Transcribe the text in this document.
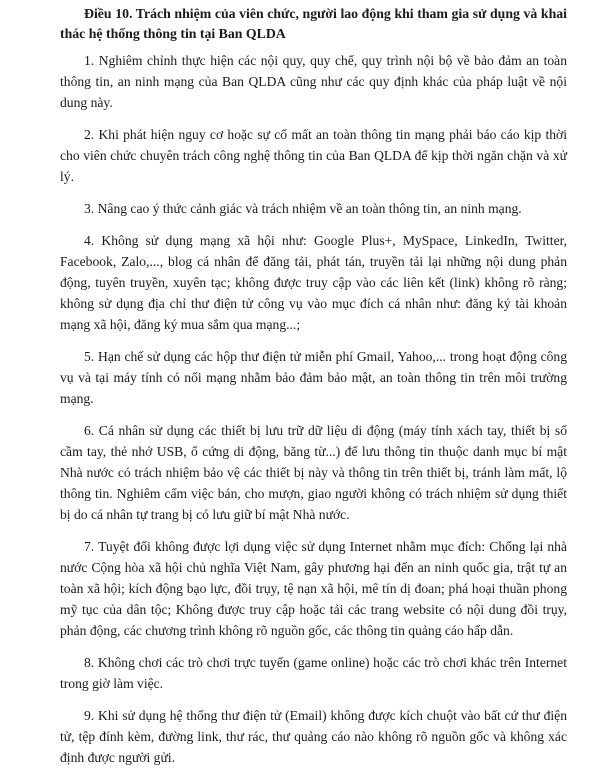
Điều 10. Trách nhiệm của viên chức, người lao động khi tham gia sử dụng và khai thác hệ thống thông tin tại Ban QLDA

1. Nghiêm chỉnh thực hiện các nội quy, quy chế, quy trình nội bộ về bảo đảm an toàn thông tin, an ninh mạng của Ban QLDA cũng như các quy định khác của pháp luật về nội dung này.

2. Khi phát hiện nguy cơ hoặc sự cố mất an toàn thông tin mạng phải báo cáo kịp thời cho viên chức chuyên trách công nghệ thông tin của Ban QLDA để kịp thời ngăn chặn và xử lý.

3. Nâng cao ý thức cảnh giác và trách nhiệm về an toàn thông tin, an ninh mạng.

4. Không sử dụng mạng xã hội như: Google Plus+, MySpace, LinkedIn, Twitter, Facebook, Zalo,..., blog cá nhân để đăng tải, phát tán, truyền tải lại những nội dung phản động, tuyên truyền, xuyên tạc; không được truy cập vào các liên kết (link) không rõ ràng; không sử dụng địa chỉ thư điện tử công vụ vào mục đích cá nhân như: đăng ký tài khoản mạng xã hội, đăng ký mua sắm qua mạng...;

5. Hạn chế sử dụng các hộp thư điện tử miễn phí Gmail, Yahoo,... trong hoạt động công vụ và tại máy tính có nối mạng nhằm bảo đảm bảo mật, an toàn thông tin trên môi trường mạng.

6. Cá nhân sử dụng các thiết bị lưu trữ dữ liệu di động (máy tính xách tay, thiết bị số cầm tay, thẻ nhớ USB, ổ cứng di động, băng từ...) để lưu thông tin thuộc danh mục bí mật Nhà nước có trách nhiệm bảo vệ các thiết bị này và thông tin trên thiết bị, tránh làm mất, lộ thông tin. Nghiêm cấm việc bán, cho mượn, giao người không có trách nhiệm sử dụng thiết bị do cá nhân tự trang bị có lưu giữ bí mật Nhà nước.

7. Tuyệt đối không được lợi dụng việc sử dụng Internet nhằm mục đích: Chống lại nhà nước Cộng hòa xã hội chủ nghĩa Việt Nam, gây phương hại đến an ninh quốc gia, trật tự an toàn xã hội; kích động bạo lực, đồi trụy, tệ nạn xã hội, mê tín dị đoan; phá hoại thuần phong mỹ tục của dân tộc; Không được truy cập hoặc tải các trang website có nội dung đồi trụy, phản động, các chương trình không rõ nguồn gốc, các thông tin quảng cáo hấp dẫn.

8. Không chơi các trò chơi trực tuyến (game online) hoặc các trò chơi khác trên Internet trong giờ làm việc.

9. Khi sử dụng hệ thống thư điện tử (Email) không được kích chuột vào bất cứ thư điện tử, tệp đính kèm, đường link, thư rác, thư quảng cáo nào không rõ nguồn gốc và không xác định được người gửi.
